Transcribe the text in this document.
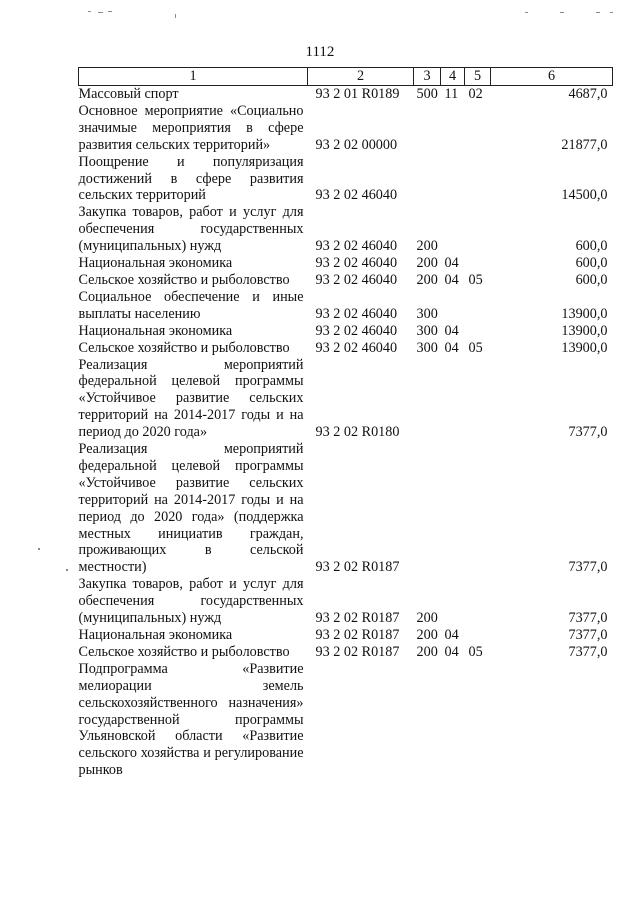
1112
1	2	3	4	5	6
Массовый спорт	93 2 01 R0189	500	11	02	4687,0
Основное мероприятие «Социально значимые мероприятия в сфере развития сельских территорий»	93 2 02 00000				21877,0
Поощрение и популяризация достижений в сфере развития сельских территорий	93 2 02 46040				14500,0
Закупка товаров, работ и услуг для обеспечения государственных (муниципальных) нужд	93 2 02 46040	200			600,0
Национальная экономика	93 2 02 46040	200	04		600,0
Сельское хозяйство и рыболовство	93 2 02 46040	200	04	05	600,0
Социальное обеспечение и иные выплаты населению	93 2 02 46040	300			13900,0
Национальная экономика	93 2 02 46040	300	04		13900,0
Сельское хозяйство и рыболовство	93 2 02 46040	300	04	05	13900,0
Реализация мероприятий федеральной целевой программы «Устойчивое развитие сельских территорий на 2014-2017 годы и на период до 2020 года»	93 2 02 R0180				7377,0
Реализация мероприятий федеральной целевой программы «Устойчивое развитие сельских территорий на 2014-2017 годы и на период до 2020 года» (поддержка местных инициатив граждан, проживающих в сельской местности)	93 2 02 R0187				7377,0
Закупка товаров, работ и услуг для обеспечения государственных (муниципальных) нужд	93 2 02 R0187	200			7377,0
Национальная экономика	93 2 02 R0187	200	04		7377,0
Сельское хозяйство и рыболовство	93 2 02 R0187	200	04	05	7377,0
Подпрограмма «Развитие мелиорации земель сельскохозяйственного назначения» государственной программы Ульяновской области «Развитие сельского хозяйства и регулирование рынков					
